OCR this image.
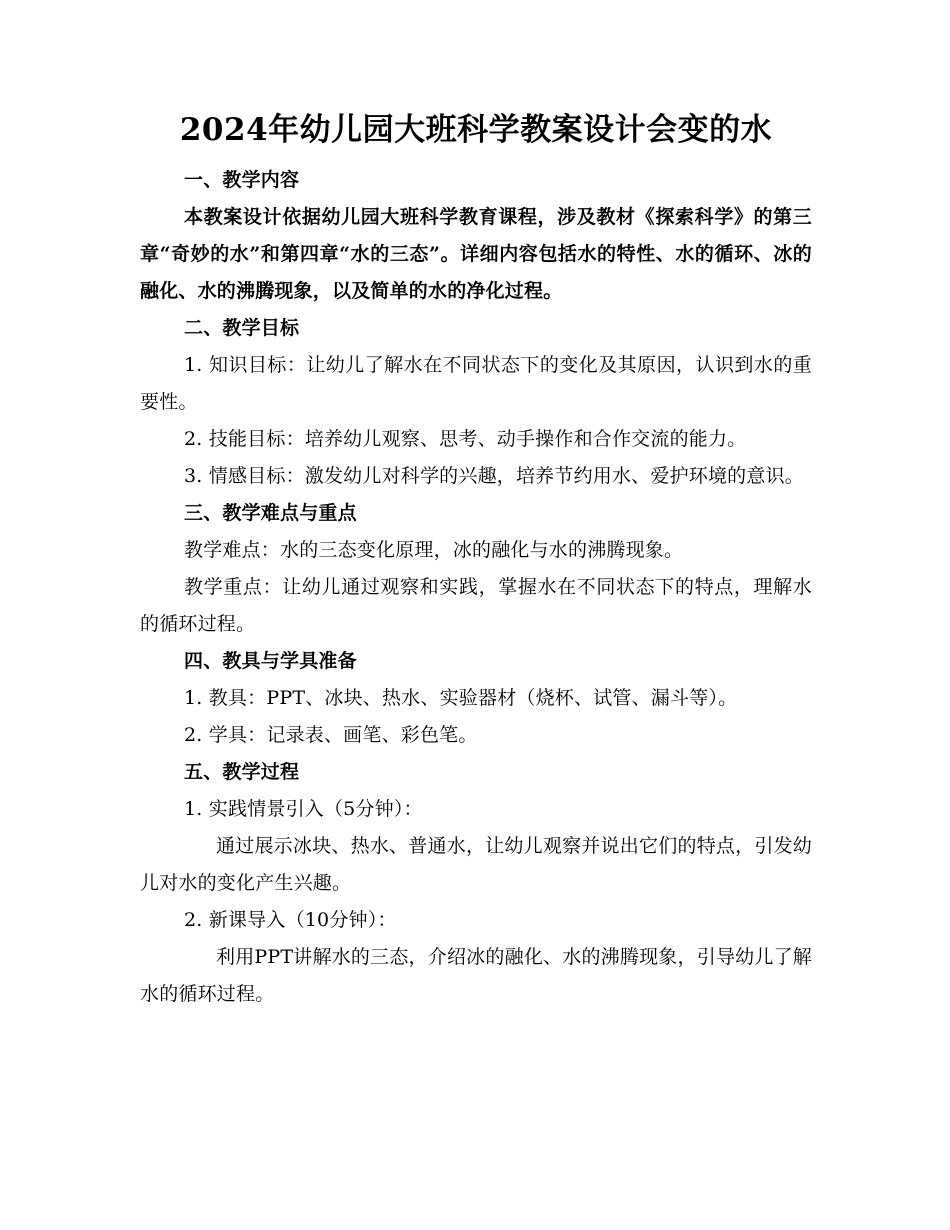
2024年幼儿园大班科学教案设计会变的水

一、教学内容

本教案设计依据幼儿园大班科学教育课程，涉及教材《探索科学》的第三章“奇妙的水”和第四章“水的三态”。详细内容包括水的特性、水的循环、冰的融化、水的沸腾现象，以及简单的水的净化过程。

二、教学目标

1. 知识目标：让幼儿了解水在不同状态下的变化及其原因，认识到水的重要性。

2. 技能目标：培养幼儿观察、思考、动手操作和合作交流的能力。

3. 情感目标：激发幼儿对科学的兴趣，培养节约用水、爱护环境的意识。

三、教学难点与重点

教学难点：水的三态变化原理，冰的融化与水的沸腾现象。

教学重点：让幼儿通过观察和实践，掌握水在不同状态下的特点，理解水的循环过程。

四、教具与学具准备

1. 教具：PPT、冰块、热水、实验器材（烧杯、试管、漏斗等）。

2. 学具：记录表、画笔、彩色笔。

五、教学过程

1. 实践情景引入（5分钟）：

通过展示冰块、热水、普通水，让幼儿观察并说出它们的特点，引发幼儿对水的变化产生兴趣。

2. 新课导入（10分钟）：

利用PPT讲解水的三态，介绍冰的融化、水的沸腾现象，引导幼儿了解水的循环过程。
